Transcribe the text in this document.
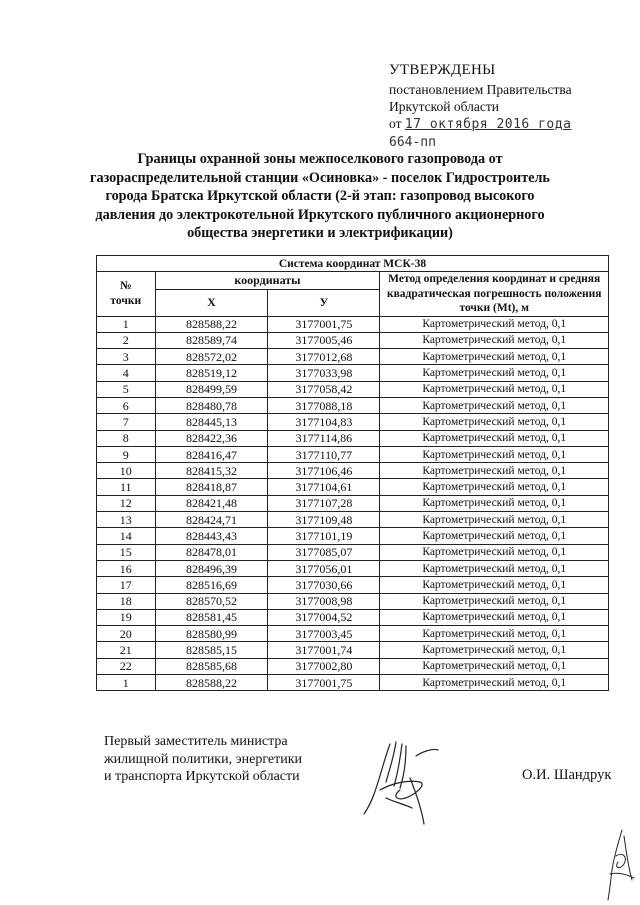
УТВЕРЖДЕНЫ
постановлением Правительства
Иркутской области
от 17 октября 2016 года
664-пп
Границы охранной зоны межпоселкового газопровода от газораспределительной станции «Осиновка» - поселок Гидростроитель города Братска Иркутской области (2-й этап: газопровод высокого давления до электрокотельной Иркутского публичного акционерного общества энергетики и электрификации)
Система координат МСК-38			
№
точки	координаты		Метод определения координат и средняя квадратическая погрешность положения точки (Mt), м
	Х	У	
1	828588,22	3177001,75	Картометрический метод, 0,1
2	828589,74	3177005,46	Картометрический метод, 0,1
3	828572,02	3177012,68	Картометрический метод, 0,1
4	828519,12	3177033,98	Картометрический метод, 0,1
5	828499,59	3177058,42	Картометрический метод, 0,1
6	828480,78	3177088,18	Картометрический метод, 0,1
7	828445,13	3177104,83	Картометрический метод, 0,1
8	828422,36	3177114,86	Картометрический метод, 0,1
9	828416,47	3177110,77	Картометрический метод, 0,1
10	828415,32	3177106,46	Картометрический метод, 0,1
11	828418,87	3177104,61	Картометрический метод, 0,1
12	828421,48	3177107,28	Картометрический метод, 0,1
13	828424,71	3177109,48	Картометрический метод, 0,1
14	828443,43	3177101,19	Картометрический метод, 0,1
15	828478,01	3177085,07	Картометрический метод, 0,1
16	828496,39	3177056,01	Картометрический метод, 0,1
17	828516,69	3177030,66	Картометрический метод, 0,1
18	828570,52	3177008,98	Картометрический метод, 0,1
19	828581,45	3177004,52	Картометрический метод, 0,1
20	828580,99	3177003,45	Картометрический метод, 0,1
21	828585,15	3177001,74	Картометрический метод, 0,1
22	828585,68	3177002,80	Картометрический метод, 0,1
1	828588,22	3177001,75	Картометрический метод, 0,1
Первый заместитель министра
жилищной политики, энергетики
и транспорта Иркутской области	О.И. Шандрук
